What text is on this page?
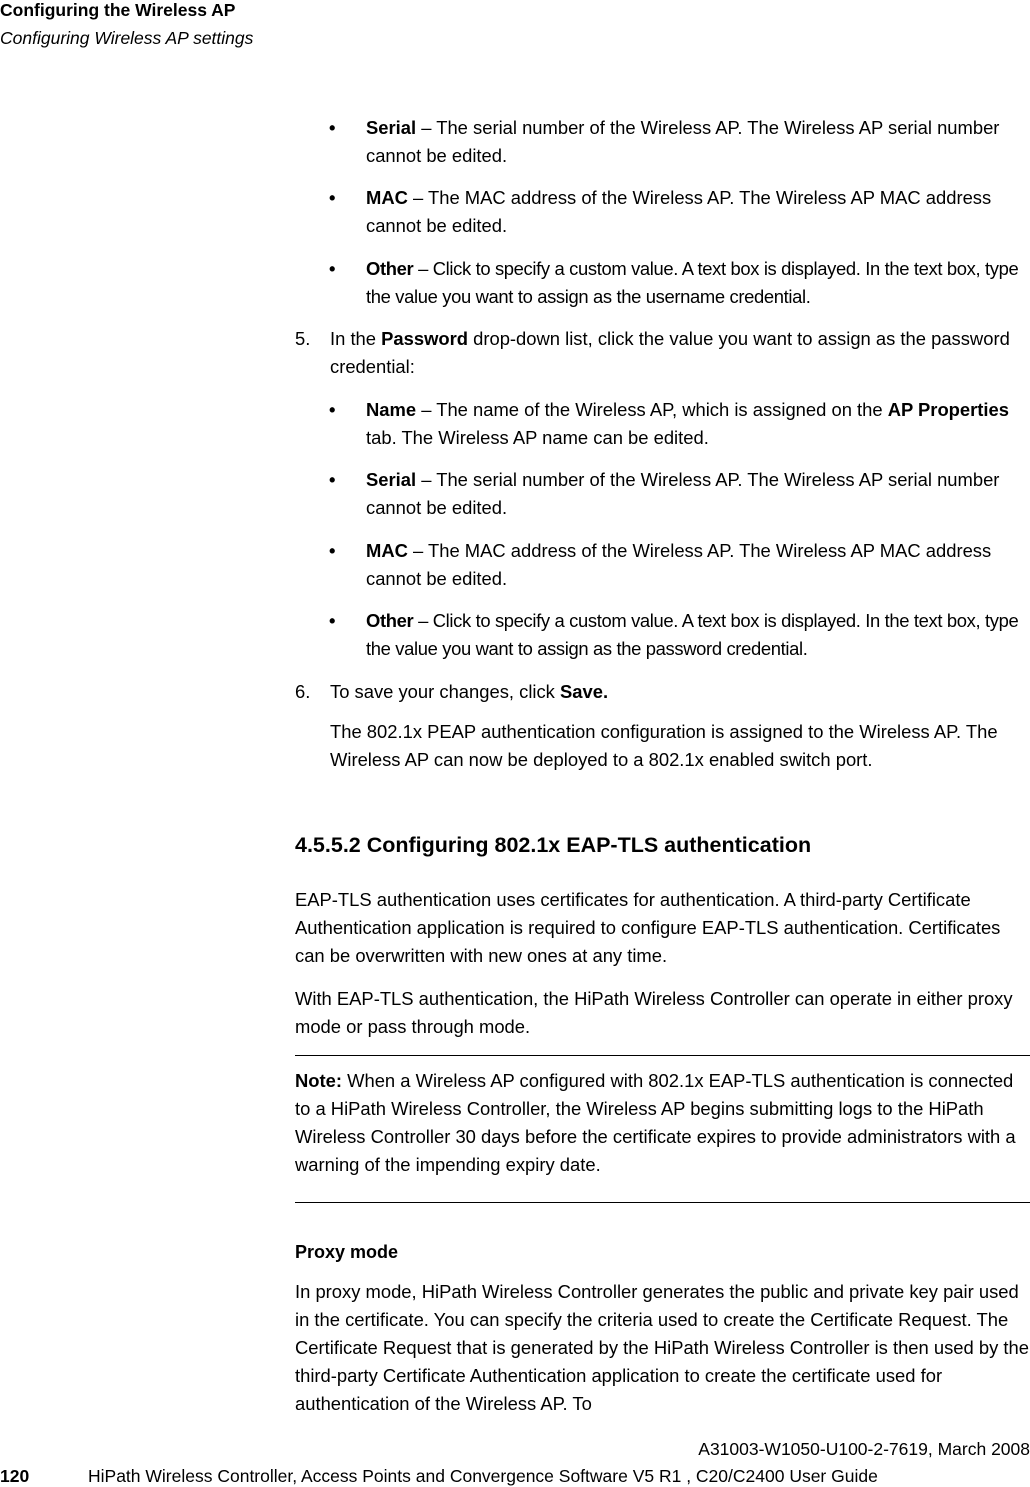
Configuring the Wireless AP
Configuring Wireless AP settings
• Serial – The serial number of the Wireless AP. The Wireless AP serial number cannot be edited.

• MAC – The MAC address of the Wireless AP. The Wireless AP MAC address cannot be edited.

• Other – Click to specify a custom value. A text box is displayed. In the text box, type the value you want to assign as the username credential.

5. In the Password drop-down list, click the value you want to assign as the password credential:

• Name – The name of the Wireless AP, which is assigned on the AP Properties tab. The Wireless AP name can be edited.

• Serial – The serial number of the Wireless AP. The Wireless AP serial number cannot be edited.

• MAC – The MAC address of the Wireless AP. The Wireless AP MAC address cannot be edited.

• Other – Click to specify a custom value. A text box is displayed. In the text box, type the value you want to assign as the password credential.

6. To save your changes, click Save.

The 802.1x PEAP authentication configuration is assigned to the Wireless AP. The Wireless AP can now be deployed to a 802.1x enabled switch port.

4.5.5.2 Configuring 802.1x EAP-TLS authentication

EAP-TLS authentication uses certificates for authentication. A third-party Certificate Authentication application is required to configure EAP-TLS authentication. Certificates can be overwritten with new ones at any time.

With EAP-TLS authentication, the HiPath Wireless Controller can operate in either proxy mode or pass through mode.

Note: When a Wireless AP configured with 802.1x EAP-TLS authentication is connected to a HiPath Wireless Controller, the Wireless AP begins submitting logs to the HiPath Wireless Controller 30 days before the certificate expires to provide administrators with a warning of the impending expiry date.

Proxy mode

In proxy mode, HiPath Wireless Controller generates the public and private key pair used in the certificate. You can specify the criteria used to create the Certificate Request. The Certificate Request that is generated by the HiPath Wireless Controller is then used by the third-party Certificate Authentication application to create the certificate used for authentication of the Wireless AP. To

A31003-W1050-U100-2-7619, March 2008
120	HiPath Wireless Controller, Access Points and Convergence Software V5 R1 , C20/C2400 User Guide
